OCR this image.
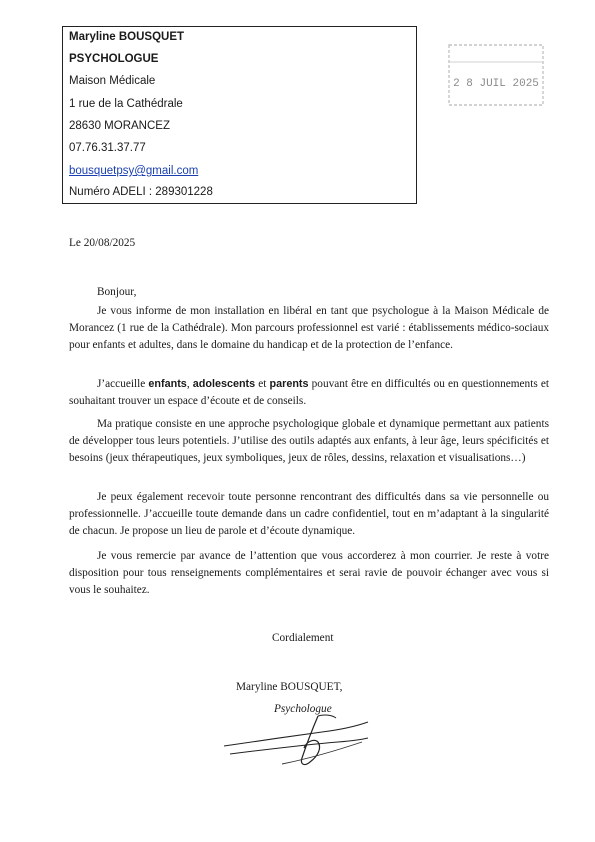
Maryline BOUSQUET
PSYCHOLOGUE
Maison Médicale
1 rue de la Cathédrale
28630 MORANCEZ
07.76.31.37.77
bousquetpsy@gmail.com
Numéro ADELI : 289301228
2 8 JUIL 2025
Le 20/08/2025
Bonjour,

Je vous informe de mon installation en libéral en tant que psychologue à la Maison Médicale de Morancez (1 rue de la Cathédrale). Mon parcours professionnel est varié : établissements médico-sociaux pour enfants et adultes, dans le domaine du handicap et de la protection de l’enfance.

J’accueille enfants, adolescents et parents pouvant être en difficultés ou en questionnements et souhaitant trouver un espace d’écoute et de conseils.

Ma pratique consiste en une approche psychologique globale et dynamique permettant aux patients de développer tous leurs potentiels. J’utilise des outils adaptés aux enfants, à leur âge, leurs spécificités et besoins (jeux thérapeutiques, jeux symboliques, jeux de rôles, dessins, relaxation et visualisations…)

Je peux également recevoir toute personne rencontrant des difficultés dans sa vie personnelle ou professionnelle. J’accueille toute demande dans un cadre confidentiel, tout en m’adaptant à la singularité de chacun. Je propose un lieu de parole et d’écoute dynamique.

Je vous remercie par avance de l’attention que vous accorderez à mon courrier. Je reste à votre disposition pour tous renseignements complémentaires et serai ravie de pouvoir échanger avec vous si vous le souhaitez.

Cordialement
Maryline BOUSQUET,
Psychologue
